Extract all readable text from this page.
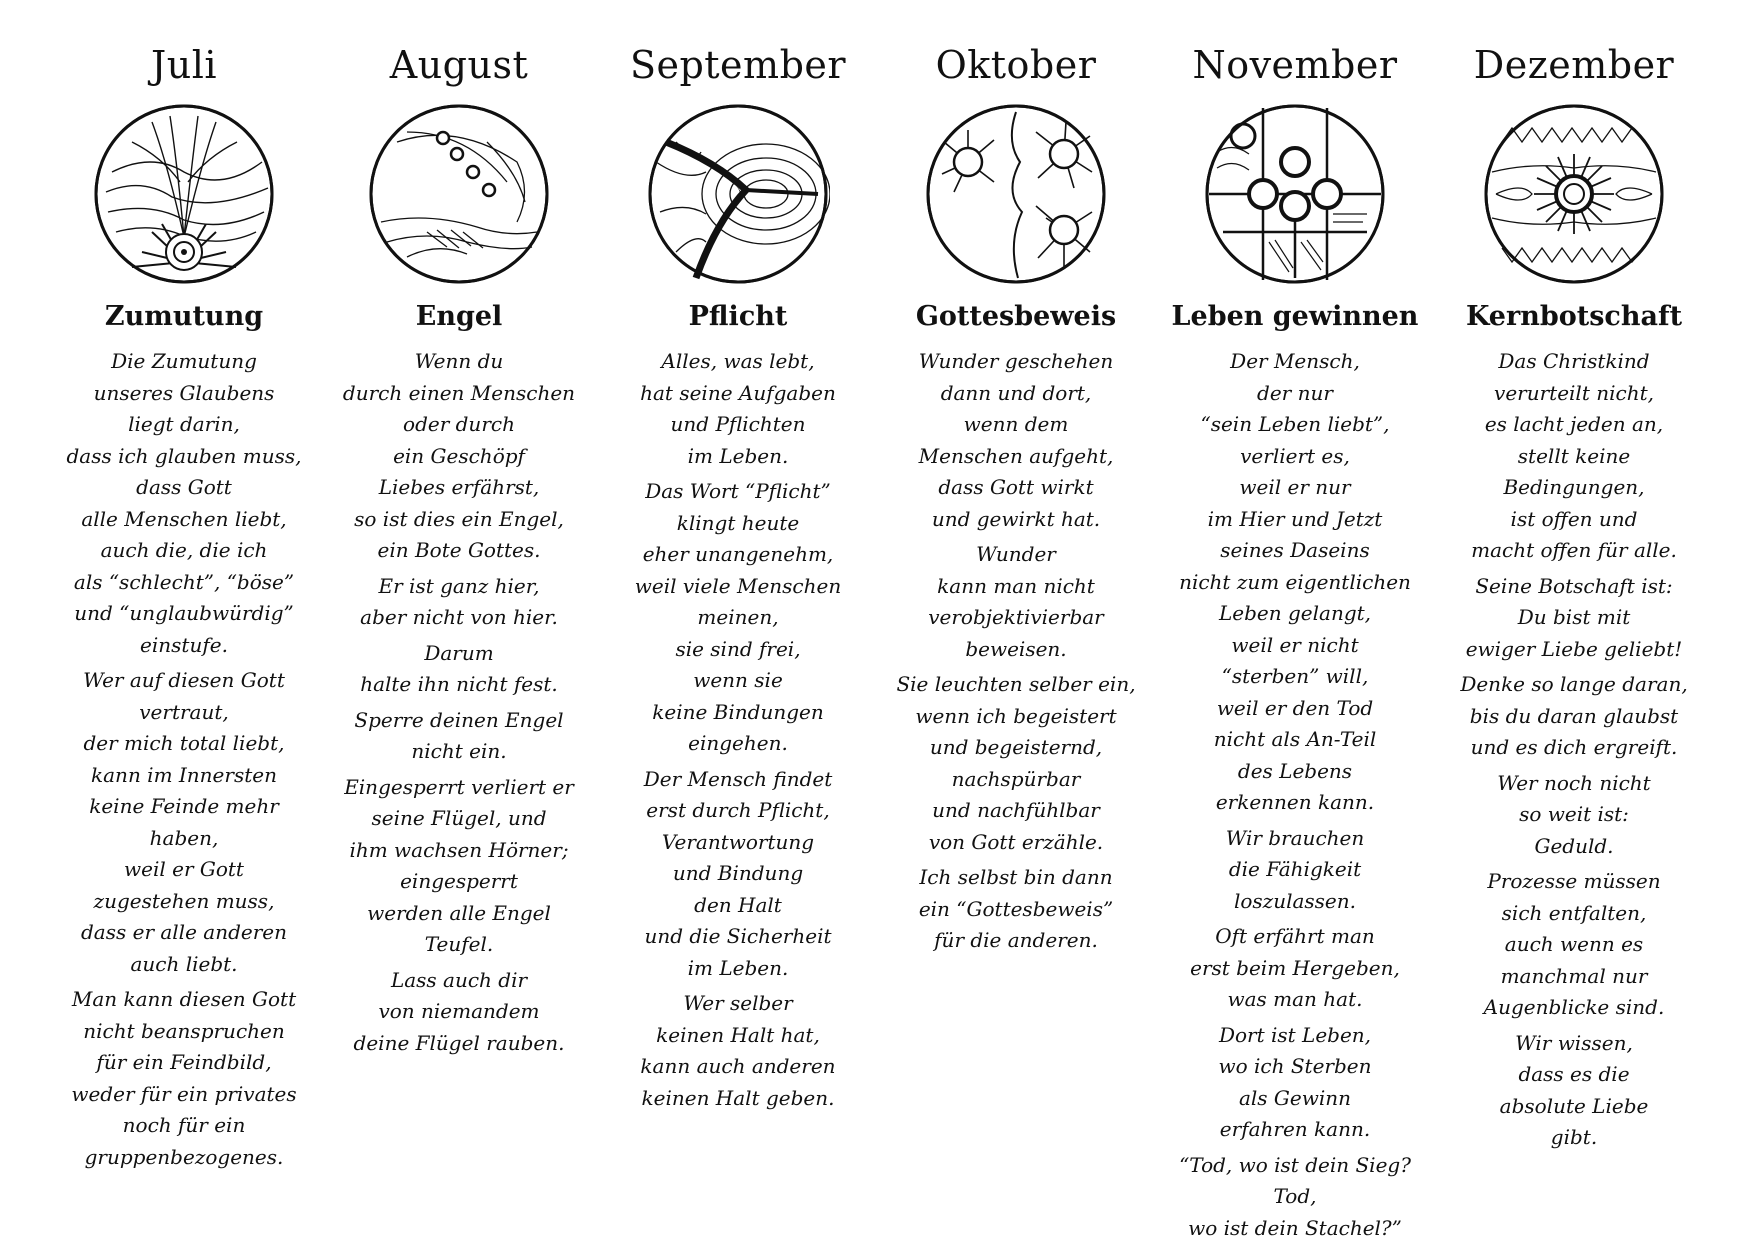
Juli
Zumutung
Die Zumutung
unseres Glaubens
liegt darin,
dass ich glauben muss,
dass Gott
alle Menschen liebt,
auch die, die ich
als “schlecht”, “böse”
und “unglaubwürdig”
einstufe.
Wer auf diesen Gott
vertraut,
der mich total liebt,
kann im Innersten
keine Feinde mehr
haben,
weil er Gott
zugestehen muss,
dass er alle anderen
auch liebt.
Man kann diesen Gott
nicht beanspruchen
für ein Feindbild,
weder für ein privates
noch für ein
gruppenbezogenes.
August
Engel
Wenn du
durch einen Menschen
oder durch
ein Geschöpf
Liebes erfährst,
so ist dies ein Engel,
ein Bote Gottes.
Er ist ganz hier,
aber nicht von hier.
Darum
halte ihn nicht fest.
Sperre deinen Engel
nicht ein.
Eingesperrt verliert er
seine Flügel, und
ihm wachsen Hörner;
eingesperrt
werden alle Engel
Teufel.
Lass auch dir
von niemandem
deine Flügel rauben.
September
Pflicht
Alles, was lebt,
hat seine Aufgaben
und Pflichten
im Leben.
Das Wort “Pflicht”
klingt heute
eher unangenehm,
weil viele Menschen
meinen,
sie sind frei,
wenn sie
keine Bindungen
eingehen.
Der Mensch findet
erst durch Pflicht,
Verantwortung
und Bindung
den Halt
und die Sicherheit
im Leben.
Wer selber
keinen Halt hat,
kann auch anderen
keinen Halt geben.
Oktober
Gottesbeweis
Wunder geschehen
dann und dort,
wenn dem
Menschen aufgeht,
dass Gott wirkt
und gewirkt hat.
Wunder
kann man nicht
verobjektivierbar
beweisen.
Sie leuchten selber ein,
wenn ich begeistert
und begeisternd,
nachspürbar
und nachfühlbar
von Gott erzähle.
Ich selbst bin dann
ein “Gottesbeweis”
für die anderen.
November
Leben gewinnen
Der Mensch,
der nur
“sein Leben liebt”,
verliert es,
weil er nur
im Hier und Jetzt
seines Daseins
nicht zum eigentlichen
Leben gelangt,
weil er nicht
“sterben” will,
weil er den Tod
nicht als An-Teil
des Lebens
erkennen kann.
Wir brauchen
die Fähigkeit
loszulassen.
Oft erfährt man
erst beim Hergeben,
was man hat.
Dort ist Leben,
wo ich Sterben
als Gewinn
erfahren kann.
“Tod, wo ist dein Sieg?
Tod,
wo ist dein Stachel?”
Dezember
Kernbotschaft
Das Christkind
verurteilt nicht,
es lacht jeden an,
stellt keine
Bedingungen,
ist offen und
macht offen für alle.
Seine Botschaft ist:
Du bist mit
ewiger Liebe geliebt!
Denke so lange daran,
bis du daran glaubst
und es dich ergreift.
Wer noch nicht
so weit ist:
Geduld.
Prozesse müssen
sich entfalten,
auch wenn es
manchmal nur
Augenblicke sind.
Wir wissen,
dass es die
absolute Liebe
gibt.
